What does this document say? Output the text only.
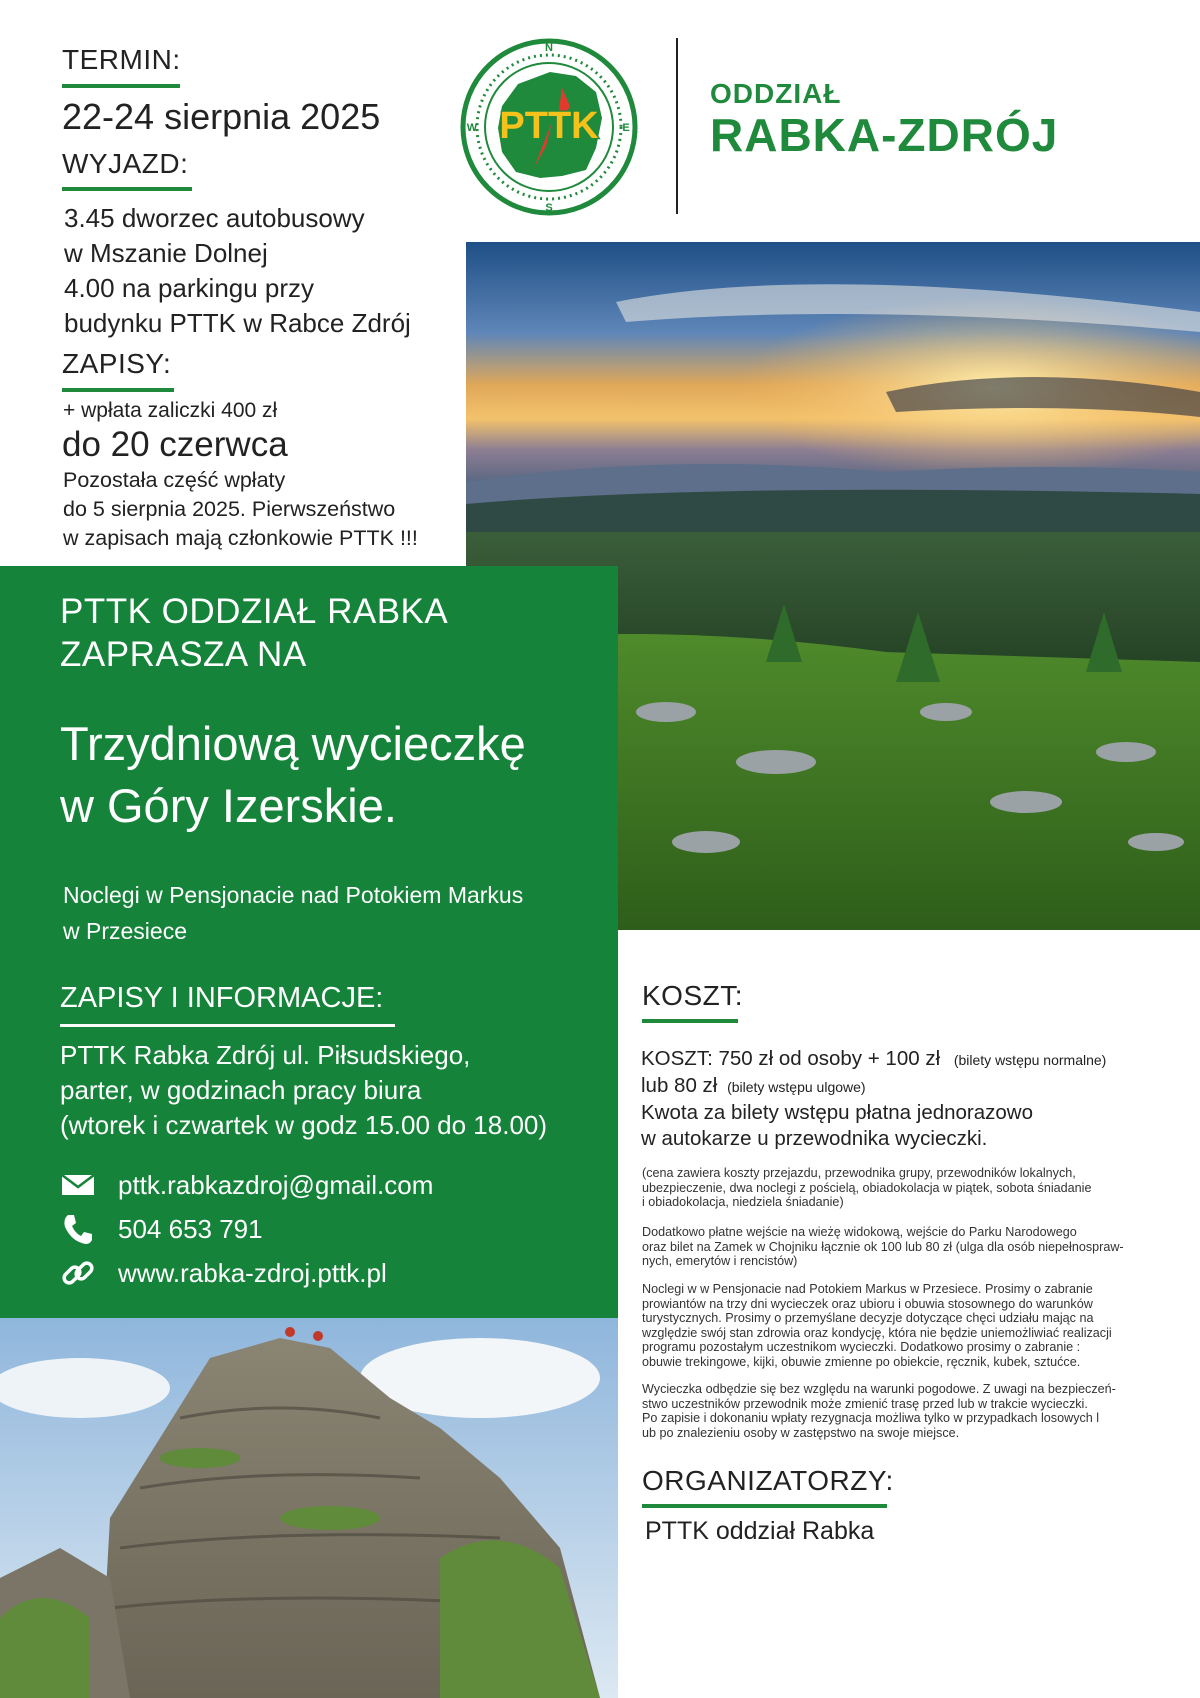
TERMIN:
22-24 sierpnia 2025
WYJAZD:
3.45 dworzec autobusowy
w Mszanie Dolnej
4.00 na parkingu przy
budynku PTTK w Rabce Zdrój
ZAPISY:
+ wpłata zaliczki 400 zł
do 20 czerwca
Pozostała część wpłaty
do 5 sierpnia 2025. Pierwszeństwo
w zapisach mają członkowie PTTK !!!
N
E
S
W PTTK
ODDZIAŁ
RABKA-ZDRÓJ
PTTK ODDZIAŁ RABKA
ZAPRASZA NA
Trzydniową wycieczkę
w Góry Izerskie.
Noclegi w Pensjonacie nad Potokiem Markus
w Przesiece
ZAPISY I INFORMACJE:
PTTK Rabka Zdrój ul. Piłsudskiego,
parter, w godzinach pracy biura
(wtorek i czwartek w godz 15.00 do 18.00)
pttk.rabkazdroj@gmail.com
504 653 791
www.rabka-zdroj.pttk.pl
KOSZT:
KOSZT: 750 zł od osoby + 100 zł (bilety wstępu normalne)
lub 80 zł (bilety wstępu ulgowe)
Kwota za bilety wstępu płatna jednorazowo
w autokarze u przewodnika wycieczki.
(cena zawiera koszty przejazdu, przewodnika grupy, przewodników lokalnych,
ubezpieczenie, dwa noclegi z pościelą, obiadokolacja w piątek, sobota śniadanie
i obiadokolacja, niedziela śniadanie)
Dodatkowo płatne wejście na wieżę widokową, wejście do Parku Narodowego
oraz bilet na Zamek w Chojniku łącznie ok 100 lub 80 zł (ulga dla osób niepełnospraw-
nych, emerytów i rencistów)
Noclegi w w Pensjonacie nad Potokiem Markus w Przesiece. Prosimy o zabranie
prowiantów na trzy dni wycieczek oraz ubioru i obuwia stosownego do warunków
turystycznych. Prosimy o przemyślane decyzje dotyczące chęci udziału mając na
względzie swój stan zdrowia oraz kondycję, która nie będzie uniemożliwiać realizacji
programu pozostałym uczestnikom wycieczki. Dodatkowo prosimy o zabranie :
obuwie trekingowe, kijki, obuwie zmienne po obiekcie, ręcznik, kubek, sztućce.
Wycieczka odbędzie się bez względu na warunki pogodowe. Z uwagi na bezpieczeń-
stwo uczestników przewodnik może zmienić trasę przed lub w trakcie wycieczki.
Po zapisie i dokonaniu wpłaty rezygnacja możliwa tylko w przypadkach losowych l
ub po znalezieniu osoby w zastępstwo na swoje miejsce.
ORGANIZATORZY:
PTTK oddział Rabka
